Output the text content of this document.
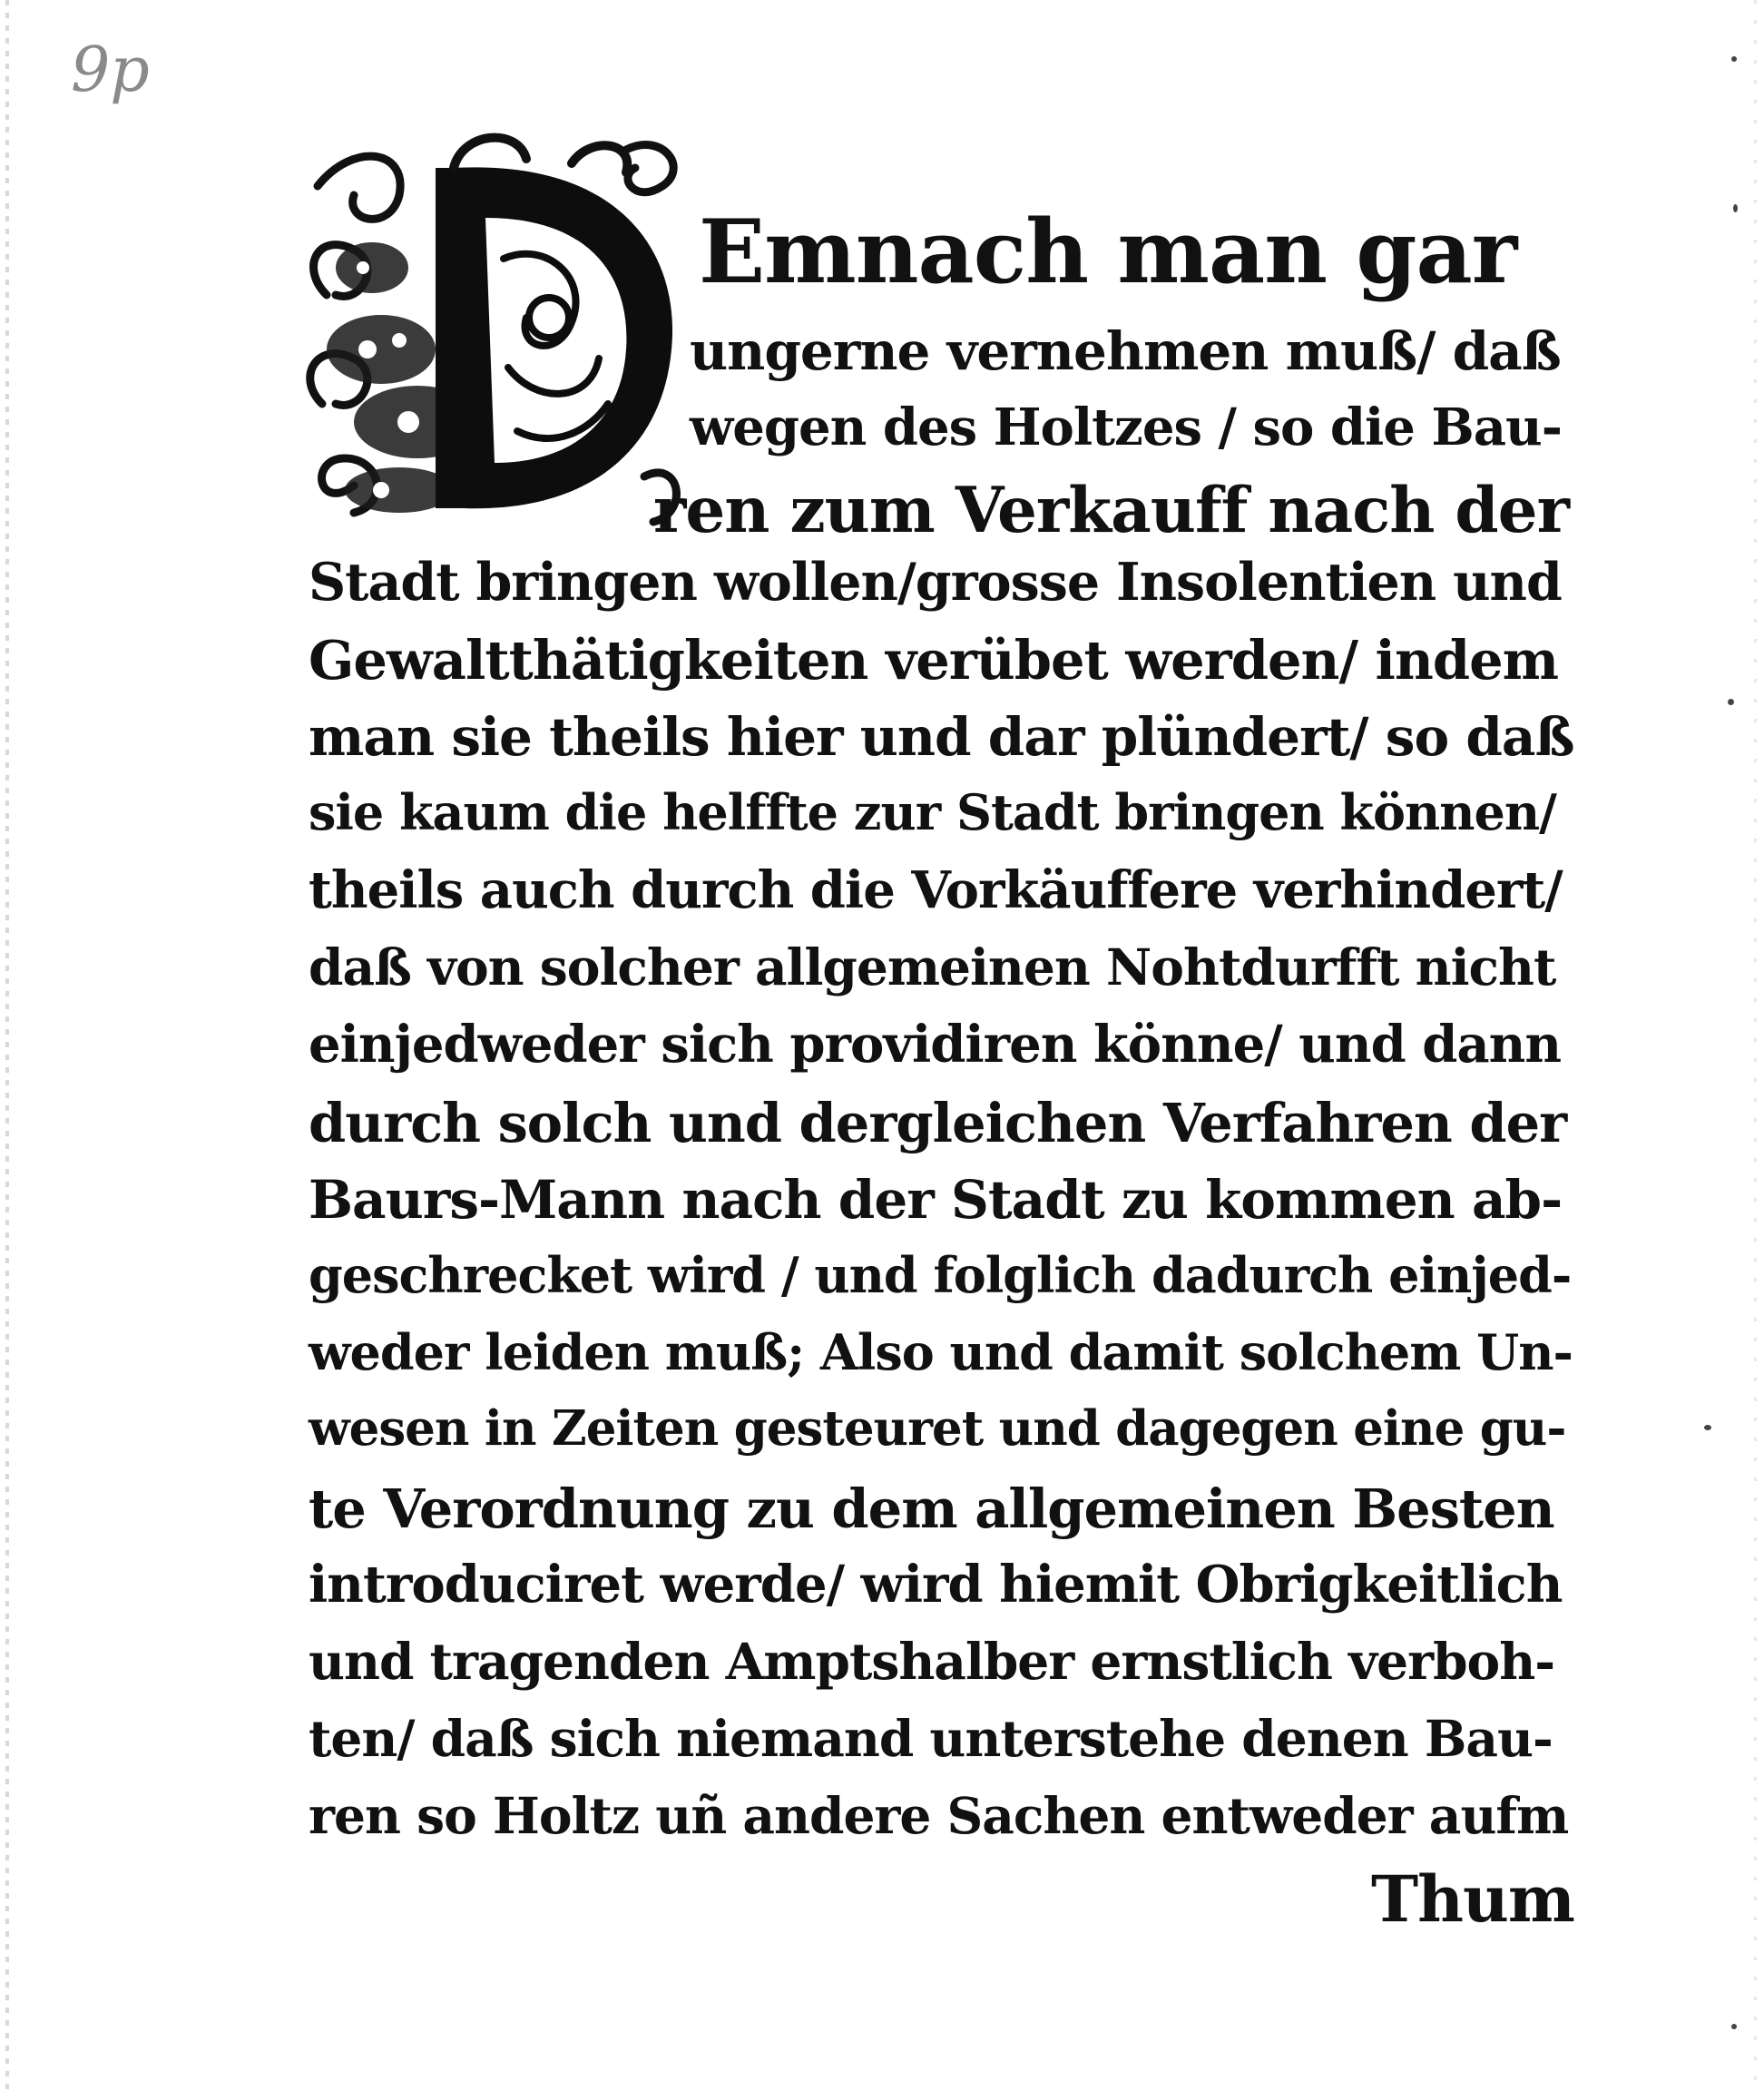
9p
Emnach man gar
ungerne vernehmen muß/ daß
wegen des Holtzes / so die Bau-
ren zum Verkauff nach der
Stadt bringen wollen/grosse Insolentien und
Gewaltthätigkeiten verübet werden/ indem
man sie theils hier und dar plündert/ so daß
sie kaum die helffte zur Stadt bringen können/
theils auch durch die Vorkäuffere verhindert/
daß von solcher allgemeinen Nohtdurfft nicht
einjedweder sich providiren könne/ und dann
durch solch und dergleichen Verfahren der
Baurs-Mann nach der Stadt zu kommen ab-
geschrecket wird / und folglich dadurch einjed-
weder leiden muß; Also und damit solchem Un-
wesen in Zeiten gesteuret und dagegen eine gu-
te Verordnung zu dem allgemeinen Besten
introduciret werde/ wird hiemit Obrigkeitlich
und tragenden Amptshalber ernstlich verboh-
ten/ daß sich niemand unterstehe denen Bau-
ren so Holtz uñ andere Sachen entweder aufm
Thum
